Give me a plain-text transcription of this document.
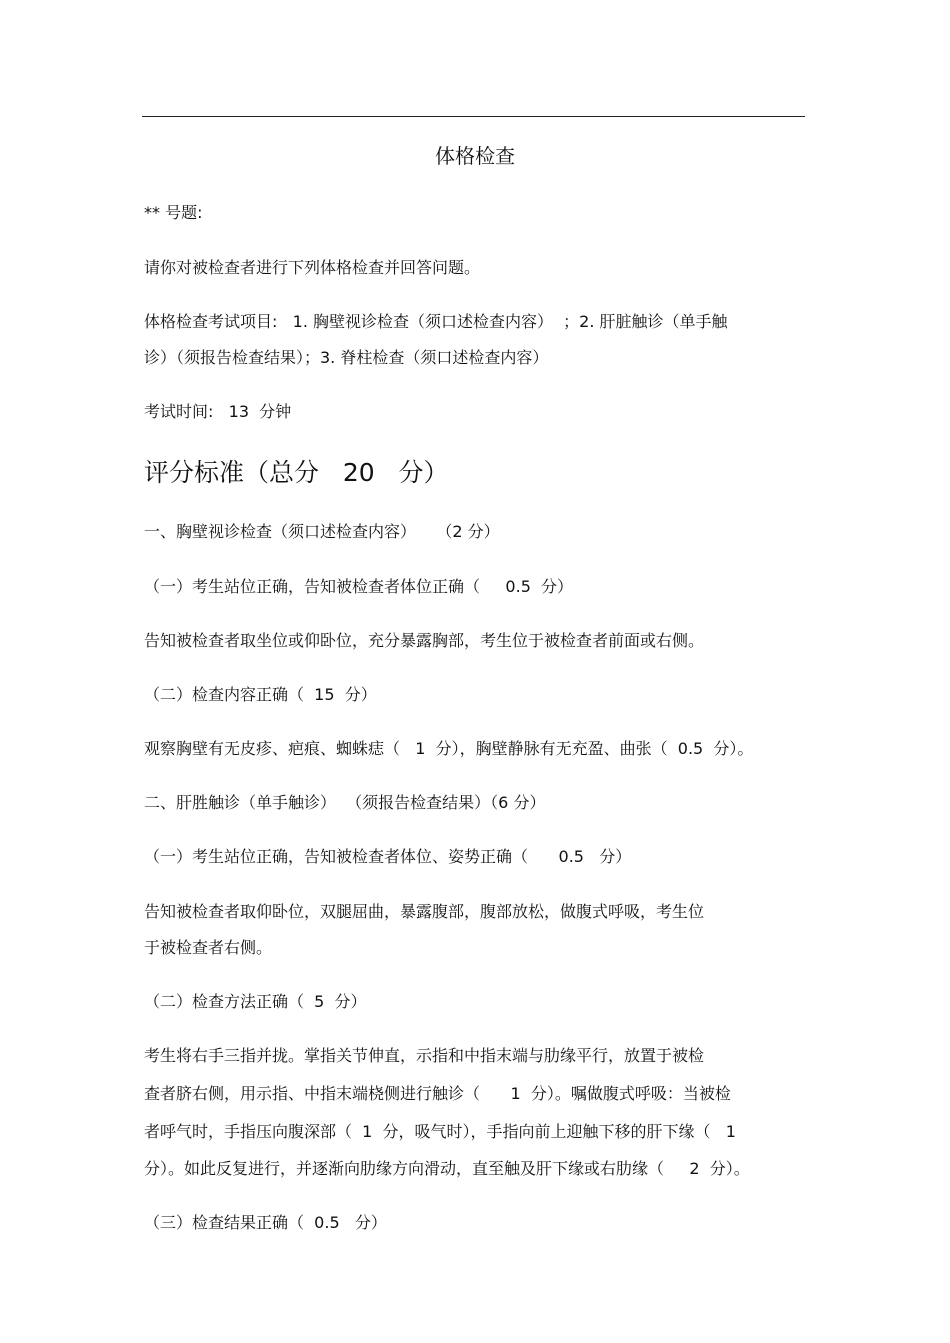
体格检查
** 号题:
请你对被检查者进行下列体格检查并回答问题。
体格检查考试项目:   1. 胸壁视诊检查（须口述检查内容）  ；2. 肝脏触诊（单手触
诊）（须报告检查结果）；3. 脊柱检查（须口述检查内容）
考试时间:   13  分钟
评分标准（总分   20   分）
一、胸壁视诊检查（须口述检查内容）    （2 分）
（一）考生站位正确，告知被检查者体位正确（     0.5  分）
告知被检查者取坐位或仰卧位，充分暴露胸部，考生位于被检查者前面或右侧。
（二）检查内容正确（  15  分）
观察胸壁有无皮疹、疤痕、蜘蛛痣（   1  分），胸壁静脉有无充盈、曲张（  0.5  分）。
二、肝胜触诊（单手触诊）  （须报告检查结果）（6 分）
（一）考生站位正确，告知被检查者体位、姿势正确（      0.5   分）
告知被检查者取仰卧位，双腿屈曲，暴露腹部，腹部放松，做腹式呼吸，考生位
于被检查者右侧。
（二）检查方法正确（  5  分）
考生将右手三指并拢。掌指关节伸直，示指和中指末端与肋缘平行，放置于被检
查者脐右侧，用示指、中指末端桡侧进行触诊（      1  分）。嘱做腹式呼吸：当被检
者呼气时，手指压向腹深部（  1  分，吸气时），手指向前上迎触下移的肝下缘（   1
分）。如此反复进行，并逐渐向肋缘方向滑动，直至触及肝下缘或右肋缘（     2  分）。
（三）检查结果正确（  0.5   分）
